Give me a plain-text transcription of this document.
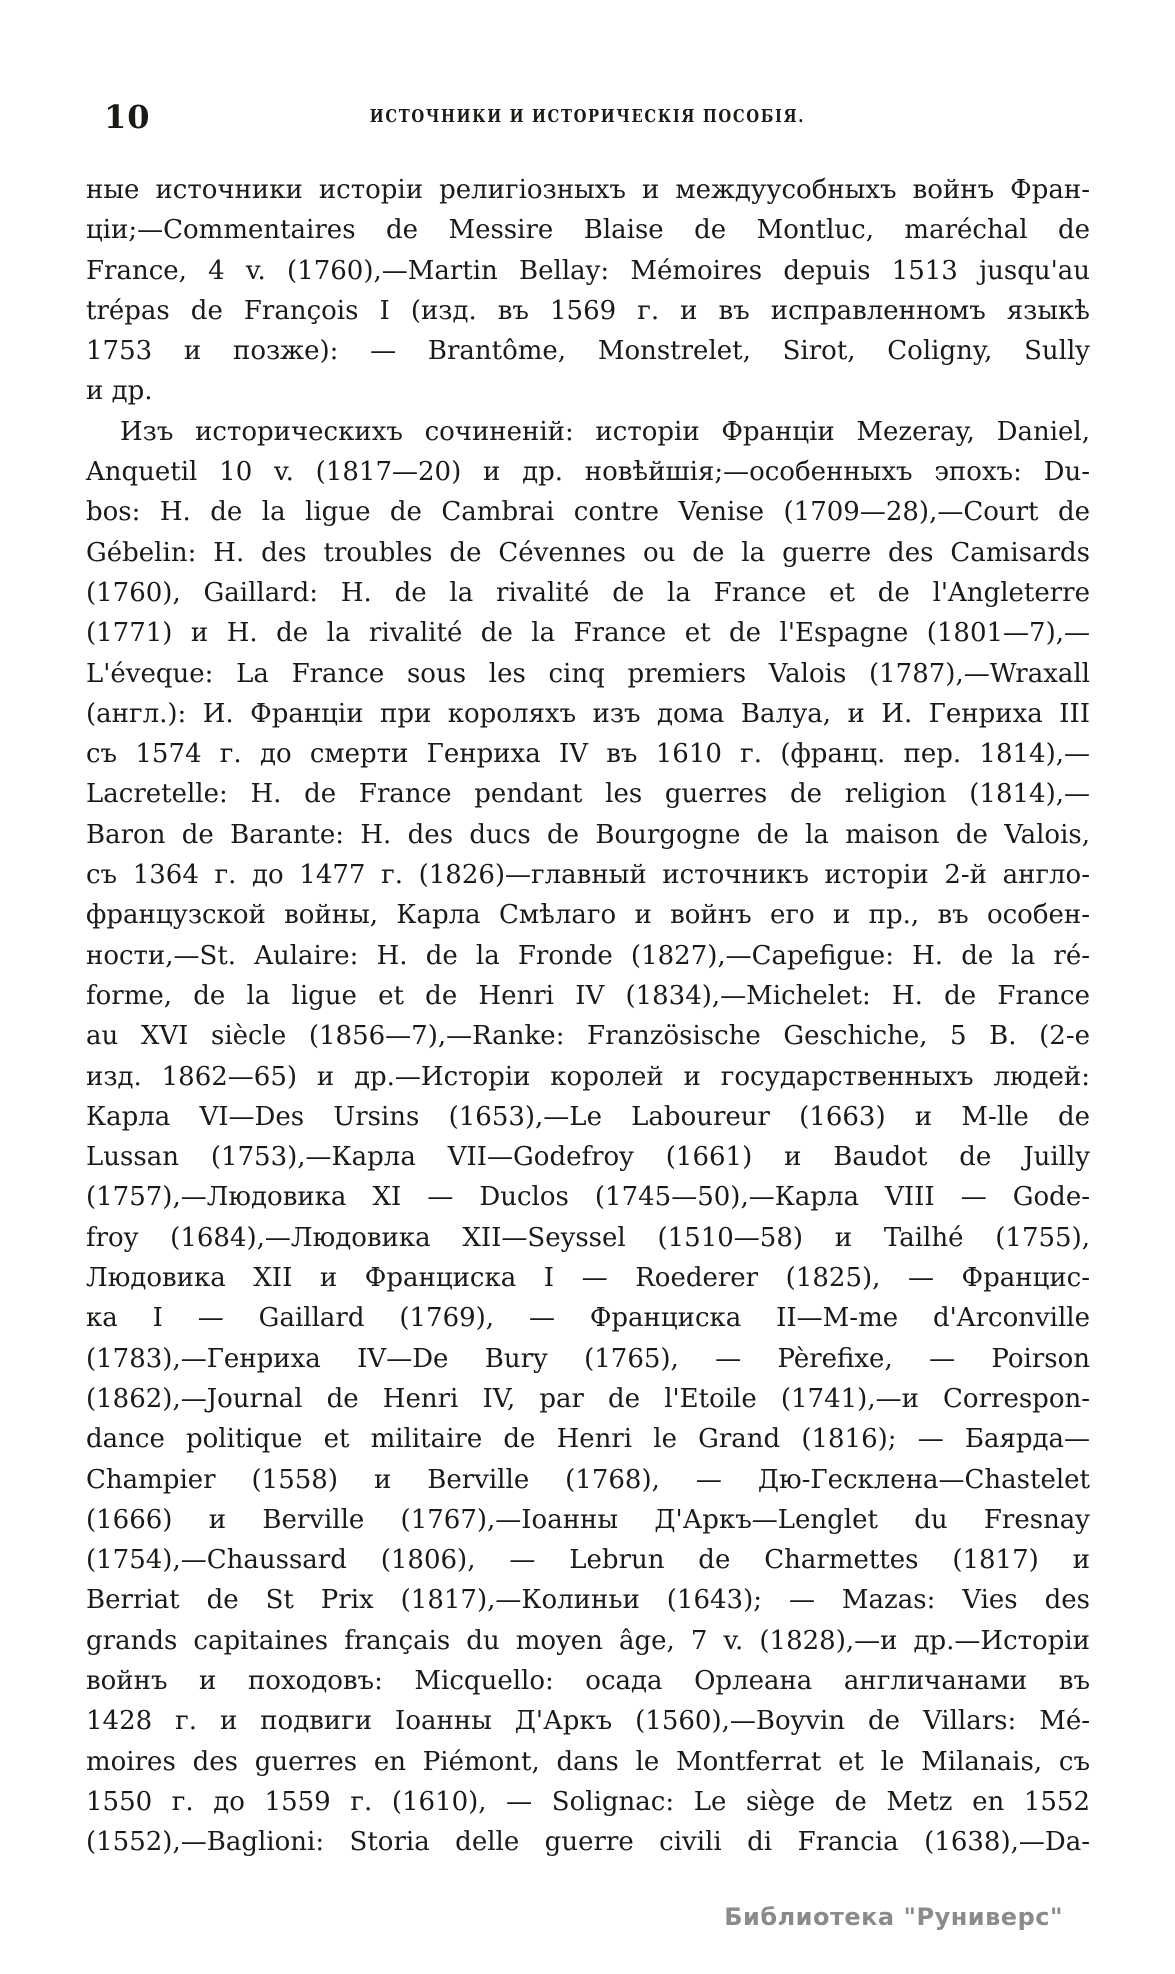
10	ИСТОЧНИКИ И ИСТОРИЧЕСКІЯ ПОСОБІЯ.
ные источники исторіи религіозныхъ и междуусобныхъ войнъ Фран-
ціи;—Commentaires de Messire Blaise de Montluc, maréchal de
France, 4 v. (1760),—Martin Bellay: Mémoires depuis 1513 jusqu'au
trépas de François I (изд. въ 1569 г. и въ исправленномъ языкѣ
1753 и позже): — Brantôme, Monstrelet, Sirot, Coligny, Sully
и др.
Изъ историческихъ сочиненій: исторіи Франціи Mezeray, Daniel,
Anquetil 10 v. (1817—20) и др. новѣйшія;—особенныхъ эпохъ: Du-
bos: H. de la ligue de Cambrai contre Venise (1709—28),—Court de
Gébelin: H. des troubles de Cévennes ou de la guerre des Camisards
(1760), Gaillard: H. de la rivalité de la France et de l'Angleterre
(1771) и H. de la rivalité de la France et de l'Espagne (1801—7),—
L'éveque: La France sous les cinq premiers Valois (1787),—Wraxall
(англ.): И. Франціи при короляхъ изъ дома Валуа, и И. Генриха III
съ 1574 г. до смерти Генриха IV въ 1610 г. (франц. пер. 1814),—
Lacretelle: H. de France pendant les guerres de religion (1814),—
Baron de Barante: H. des ducs de Bourgogne de la maison de Valois,
съ 1364 г. до 1477 г. (1826)—главный источникъ исторіи 2-й англо-
французской войны, Карла Смѣлаго и войнъ его и пр., въ особен-
ности,—St. Aulaire: H. de la Fronde (1827),—Capefigue: H. de la ré-
forme, de la ligue et de Henri IV (1834),—Michelet: H. de France
au XVI siècle (1856—7),—Ranke: Französische Geschiche, 5 B. (2-е
изд. 1862—65) и др.—Исторіи королей и государственныхъ людей:
Карла VI—Des Ursins (1653),—Le Laboureur (1663) и M-lle de
Lussan (1753),—Карла VII—Godefroy (1661) и Baudot de Juilly
(1757),—Людовика XI — Duclos (1745—50),—Карла VIII — Gode-
froy (1684),—Людовика XII—Seyssel (1510—58) и Tailhé (1755),
Людовика XII и Франциска I — Roederer (1825), — Францис-
ка I — Gaillard (1769), — Франциска II—M-me d'Arconville
(1783),—Генриха IV—De Bury (1765), — Pèrefixe, — Poirson
(1862),—Journal de Henri IV, par de l'Etoile (1741),—и Correspon-
dance politique et militaire de Henri le Grand (1816); — Баярда—
Champier (1558) и Berville (1768), — Дю-Гесклена—Chastelet
(1666) и Berville (1767),—Іоанны Д'Аркъ—Lenglet du Fresnay
(1754),—Chaussard (1806), — Lebrun de Charmettes (1817) и
Berriat de St Prix (1817),—Колиньи (1643); — Mazas: Vies des
grands capitaines français du moyen âge, 7 v. (1828),—и др.—Исторіи
войнъ и походовъ: Micquello: осада Орлеана англичанами въ
1428 г. и подвиги Іоанны Д'Аркъ (1560),—Boyvin de Villars: Mé-
moires des guerres en Piémont, dans le Montferrat et le Milanais, съ
1550 г. до 1559 г. (1610), — Solignac: Le siège de Metz en 1552
(1552),—Baglioni: Storia delle guerre civili di Francia (1638),—Da-
Библиотека "Руниверс"
